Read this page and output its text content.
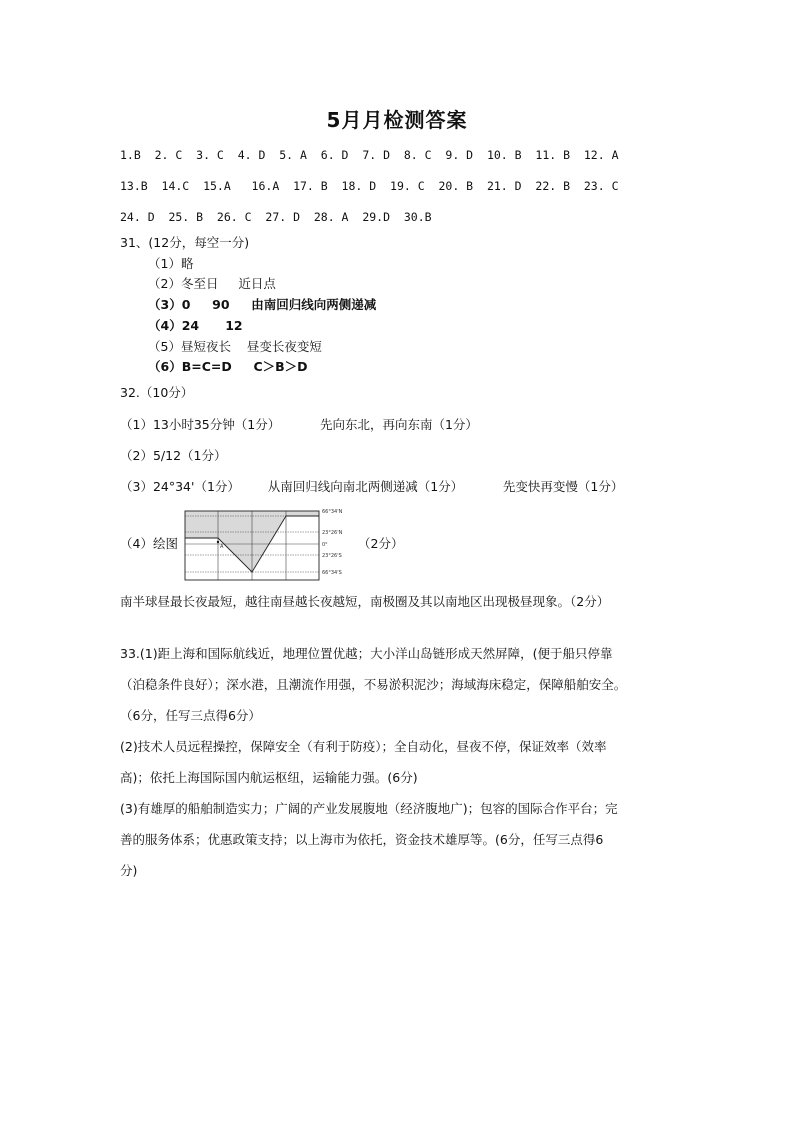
5月月检测答案
1.B  2. C  3. C  4. D  5. A  6. D  7. D  8. C  9. D  10. B  11. B  12. A
13.B  14.C  15.A   16.A  17. B  18. D  19. C  20. B  21. D  22. B  23. C
24. D  25. B  26. C  27. D  28. A  29.D  30.B
31、(12分，每空一分)
（1）略
（2）冬至日     近日点
（3）0     90     由南回归线向两侧递减
（4）24      12
（5）昼短夜长    昼变长夜变短
（6）B=C=D     C＞B＞D
32.（10分）
（1）13小时35分钟（1分）          先向东北，再向东南（1分）
（2）5/12（1分）
（3）24°34'（1分）       从南回归线向南北两侧递减（1分）          先变快再变慢（1分）
（4）绘图	（2分）
A
66°34'N
23°26'N
0°
23°26'S
66°34'S
南半球昼最长夜最短，越往南昼越长夜越短，南极圈及其以南地区出现极昼现象。（2分）
33.(1)距上海和国际航线近，地理位置优越；大小洋山岛链形成天然屏障，(便于船只停靠
（泊稳条件良好）；深水港，且潮流作用强，不易淤积泥沙；海域海床稳定，保障船舶安全。
（6分，任写三点得6分）
(2)技术人员远程操控，保障安全（有利于防疫）；全自动化，昼夜不停，保证效率（效率
高)；依托上海国际国内航运枢纽，运输能力强。(6分)
(3)有雄厚的船舶制造实力；广阔的产业发展腹地（经济腹地广)；包容的国际合作平台；完
善的服务体系；优惠政策支持；以上海市为依托，资金技术雄厚等。(6分，任写三点得6
分)
